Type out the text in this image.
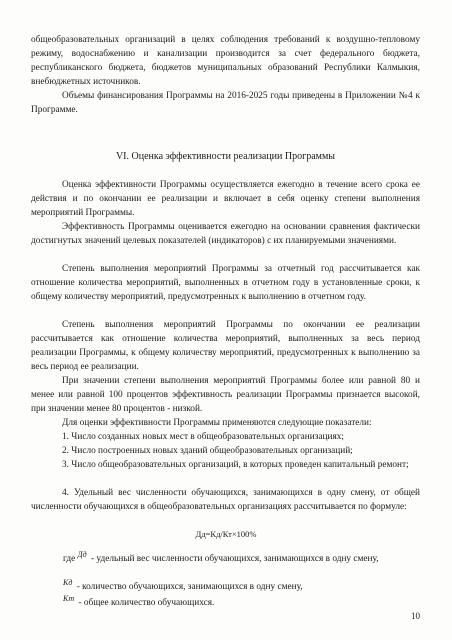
общеобразовательных организаций в целях соблюдения требований к воздушно-тепловому режиму, водоснабжению и канализации производится за счет федерального бюджета, республиканского бюджета, бюджетов муниципальных образований Республики Калмыкия, внебюджетных источников.

Объемы финансирования Программы на 2016-2025 годы приведены в Приложении №4 к Программе.

VI. Оценка эффективности реализации Программы

Оценка эффективности Программы осуществляется ежегодно в течение всего срока ее действия и по окончании ее реализации и включает в себя оценку степени выполнения мероприятий Программы.

Эффективность Программы оценивается ежегодно на основании сравнения фактически достигнутых значений целевых показателей (индикаторов) с их планируемыми значениями.

Степень выполнения мероприятий Программы за отчетный год рассчитывается как отношение количества мероприятий, выполненных в отчетном году в установленные сроки, к общему количеству мероприятий, предусмотренных к выполнению в отчетном году.

Степень выполнения мероприятий Программы по окончании ее реализации рассчитывается как отношение количества мероприятий, выполненных за весь период реализации Программы, к общему количеству мероприятий, предусмотренных к выполнению за весь период ее реализации.

При значении степени выполнения мероприятий Программы более или равной 80 и менее или равной 100 процентов эффективность реализации Программы признается высокой, при значении менее 80 процентов - низкой.

Для оценки эффективности Программы применяются следующие показатели:

1. Число созданных новых мест в общеобразовательных организациях;

2. Число построенных новых зданий общеобразовательных организаций;

3. Число общеобразовательных организаций, в которых проведен капитальный ремонт;

4. Удельный вес численности обучающихся, занимающихся в одну смену, от общей численности обучающихся в общеобразовательных организациях рассчитывается по формуле:

Дд=Кд/Кт×100%

где Дд - удельный вес численности обучающихся, занимающихся в одну смену,

Кд - количество обучающихся, занимающихся в одну смену,

Кт - общее количество обучающихся.

10
